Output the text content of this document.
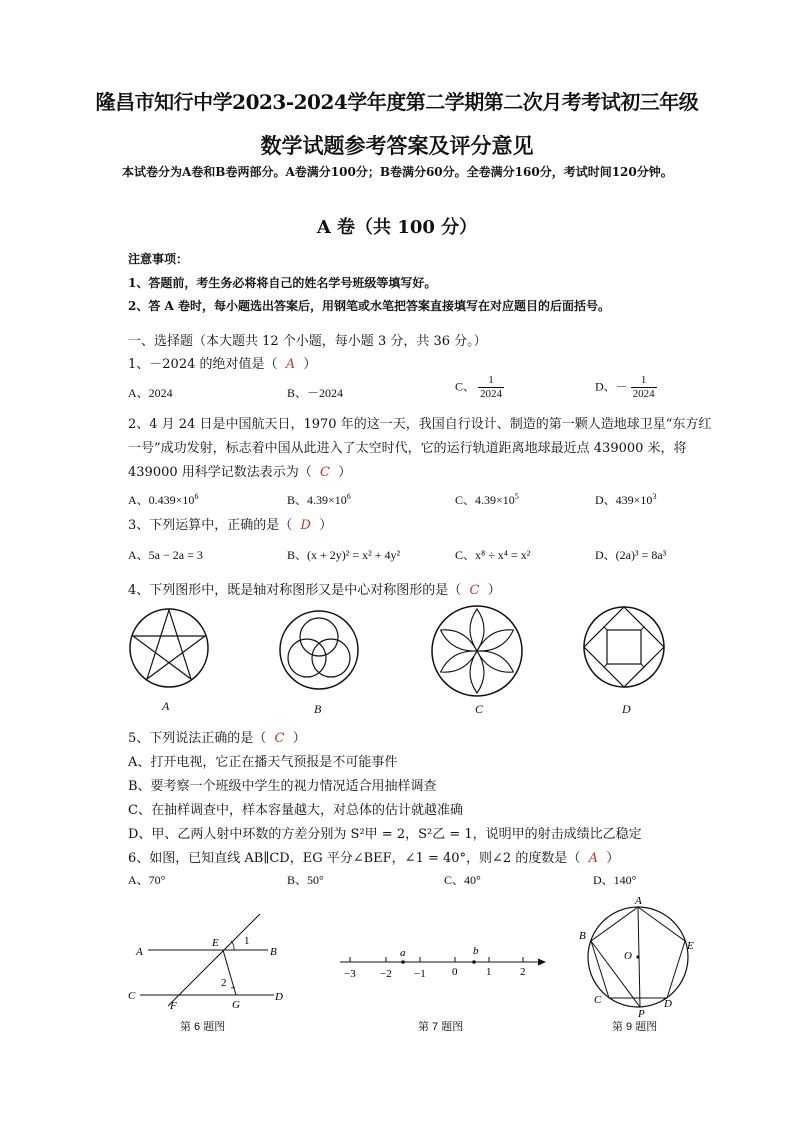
隆昌市知行中学2023-2024学年度第二学期第二次月考考试初三年级
数学试题参考答案及评分意见
本试卷分为A卷和B卷两部分。A卷满分100分；B卷满分60分。全卷满分160分，考试时间120分钟。
A 卷（共 100 分）
注意事项：
1、答题前，考生务必将将自己的姓名学号班级等填写好。
2、答 A 卷时，每小题选出答案后，用钢笔或水笔把答案直接填写在对应题目的后面括号。
一、选择题（本大题共 12 个小题，每小题 3 分，共 36 分。）
1、－2024 的绝对值是（ A ）
A、2024	B、－2024	C、 $\frac{1}{2024}$	D、－ $\frac{1}{2024}$
2、4 月 24 日是中国航天日，1970 年的这一天，我国自行设计、制造的第一颗人造地球卫星“东方红一号”成功发射，标志着中国从此进入了太空时代，它的运行轨道距离地球最近点 439000 米，将 439000 用科学记数法表示为（ C ）
A、$0.439\times 10^6$	B、$4.39\times 10^6$	C、$4.39\times 10^5$	D、$439\times 10^3$
3、下列运算中，正确的是（ D ）
A、5a − 2a = 3	B、(x + 2y)² = x² + 4y²	C、x⁸ ÷ x⁴ = x²	D、(2a)³ = 8a³
4、下列图形中，既是轴对称图形又是中心对称图形的是（ C ）
A	B	C	D
5、下列说法正确的是（ C ）
A、打开电视，它正在播天气预报是不可能事件
B、要考察一个班级中学生的视力情况适合用抽样调查
C、在抽样调查中，样本容量越大，对总体的估计就越准确
D、甲、乙两人射中环数的方差分别为 S²甲 = 2，S²乙 = 1，说明甲的射击成绩比乙稳定
6、如图，已知直线 AB∥CD，EG 平分∠BEF，∠1 = 40°，则∠2 的度数是（ A ）
A、70°	B、50°	C、40°	D、140°
A
E 1
B
C
F
2
G
D
第 6 题图
a	b
−3 −2 −1 0	1	2
第 7 题图
A
B
E
O
C
P
D
第 9 题图
